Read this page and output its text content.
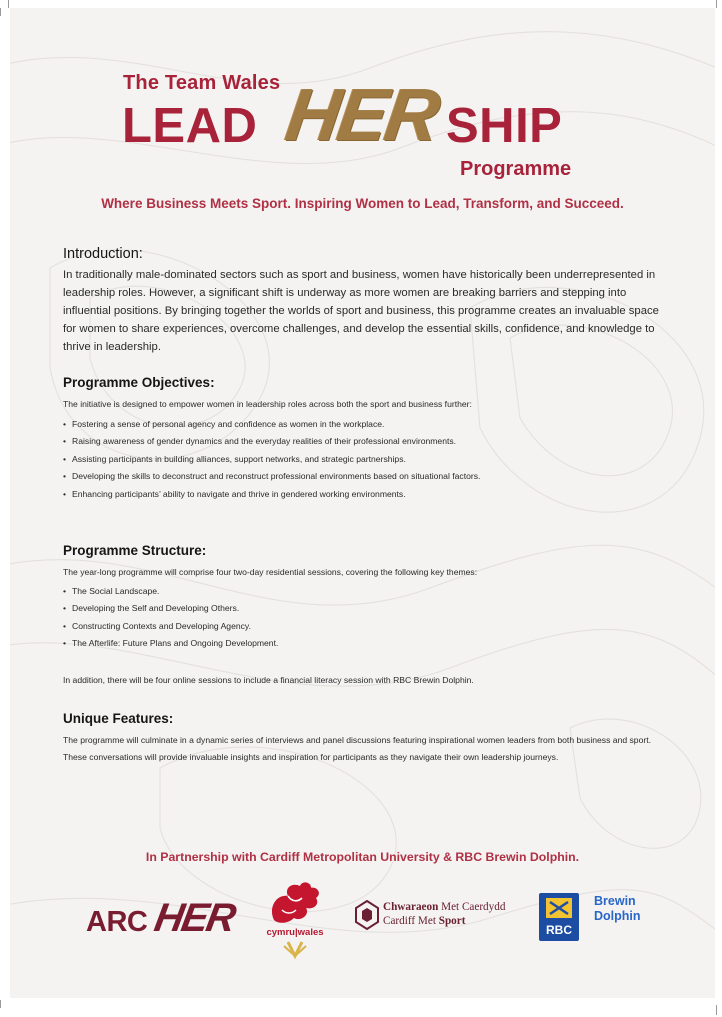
The Team Wales
LEAD HER SHIP
Programme
Where Business Meets Sport. Inspiring Women to Lead, Transform, and Succeed.
Introduction:
In traditionally male-dominated sectors such as sport and business, women have historically been underrepresented in leadership roles. However, a significant shift is underway as more women are breaking barriers and stepping into influential positions. By bringing together the worlds of sport and business, this programme creates an invaluable space for women to share experiences, overcome challenges, and develop the essential skills, confidence, and knowledge to thrive in leadership.
Programme Objectives:
The initiative is designed to empower women in leadership roles across both the sport and business further:
• Fostering a sense of personal agency and confidence as women in the workplace.
• Raising awareness of gender dynamics and the everyday realities of their professional environments.
• Assisting participants in building alliances, support networks, and strategic partnerships.
• Developing the skills to deconstruct and reconstruct professional environments based on situational factors.
• Enhancing participants’ ability to navigate and thrive in gendered working environments.
Programme Structure:
The year-long programme will comprise four two-day residential sessions, covering the following key themes:
• The Social Landscape.
• Developing the Self and Developing Others.
• Constructing Contexts and Developing Agency.
• The Afterlife: Future Plans and Ongoing Development.
In addition, there will be four online sessions to include a financial literacy session with RBC Brewin Dolphin.
Unique Features:
The programme will culminate in a dynamic series of interviews and panel discussions featuring inspirational women leaders from both business and sport. These conversations will provide invaluable insights and inspiration for participants as they navigate their own leadership journeys.
In Partnership with Cardiff Metropolitan University & RBC Brewin Dolphin.
ARC HER	cymru|wales
Chwaraeon Met Caerdydd
Cardiff Met Sport
RBC
Brewin
Dolphin
